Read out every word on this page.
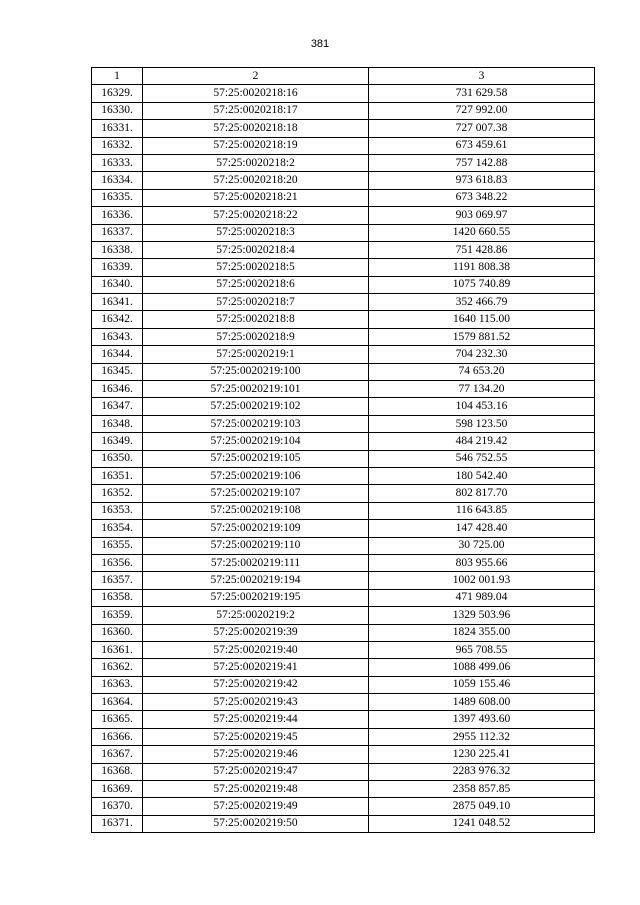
381
1	2	3
16329.	57:25:0020218:16	731 629.58
16330.	57:25:0020218:17	727 992.00
16331.	57:25:0020218:18	727 007.38
16332.	57:25:0020218:19	673 459.61
16333.	57:25:0020218:2	757 142.88
16334.	57:25:0020218:20	973 618.83
16335.	57:25:0020218:21	673 348.22
16336.	57:25:0020218:22	903 069.97
16337.	57:25:0020218:3	1420 660.55
16338.	57:25:0020218:4	751 428.86
16339.	57:25:0020218:5	1191 808.38
16340.	57:25:0020218:6	1075 740.89
16341.	57:25:0020218:7	352 466.79
16342.	57:25:0020218:8	1640 115.00
16343.	57:25:0020218:9	1579 881.52
16344.	57:25:0020219:1	704 232.30
16345.	57:25:0020219:100	74 653.20
16346.	57:25:0020219:101	77 134.20
16347.	57:25:0020219:102	104 453.16
16348.	57:25:0020219:103	598 123.50
16349.	57:25:0020219:104	484 219.42
16350.	57:25:0020219:105	546 752.55
16351.	57:25:0020219:106	180 542.40
16352.	57:25:0020219:107	802 817.70
16353.	57:25:0020219:108	116 643.85
16354.	57:25:0020219:109	147 428.40
16355.	57:25:0020219:110	30 725.00
16356.	57:25:0020219:111	803 955.66
16357.	57:25:0020219:194	1002 001.93
16358.	57:25:0020219:195	471 989.04
16359.	57:25:0020219:2	1329 503.96
16360.	57:25:0020219:39	1824 355.00
16361.	57:25:0020219:40	965 708.55
16362.	57:25:0020219:41	1088 499.06
16363.	57:25:0020219:42	1059 155.46
16364.	57:25:0020219:43	1489 608.00
16365.	57:25:0020219:44	1397 493.60
16366.	57:25:0020219:45	2955 112.32
16367.	57:25:0020219:46	1230 225.41
16368.	57:25:0020219:47	2283 976.32
16369.	57:25:0020219:48	2358 857.85
16370.	57:25:0020219:49	2875 049.10
16371.	57:25:0020219:50	1241 048.52
